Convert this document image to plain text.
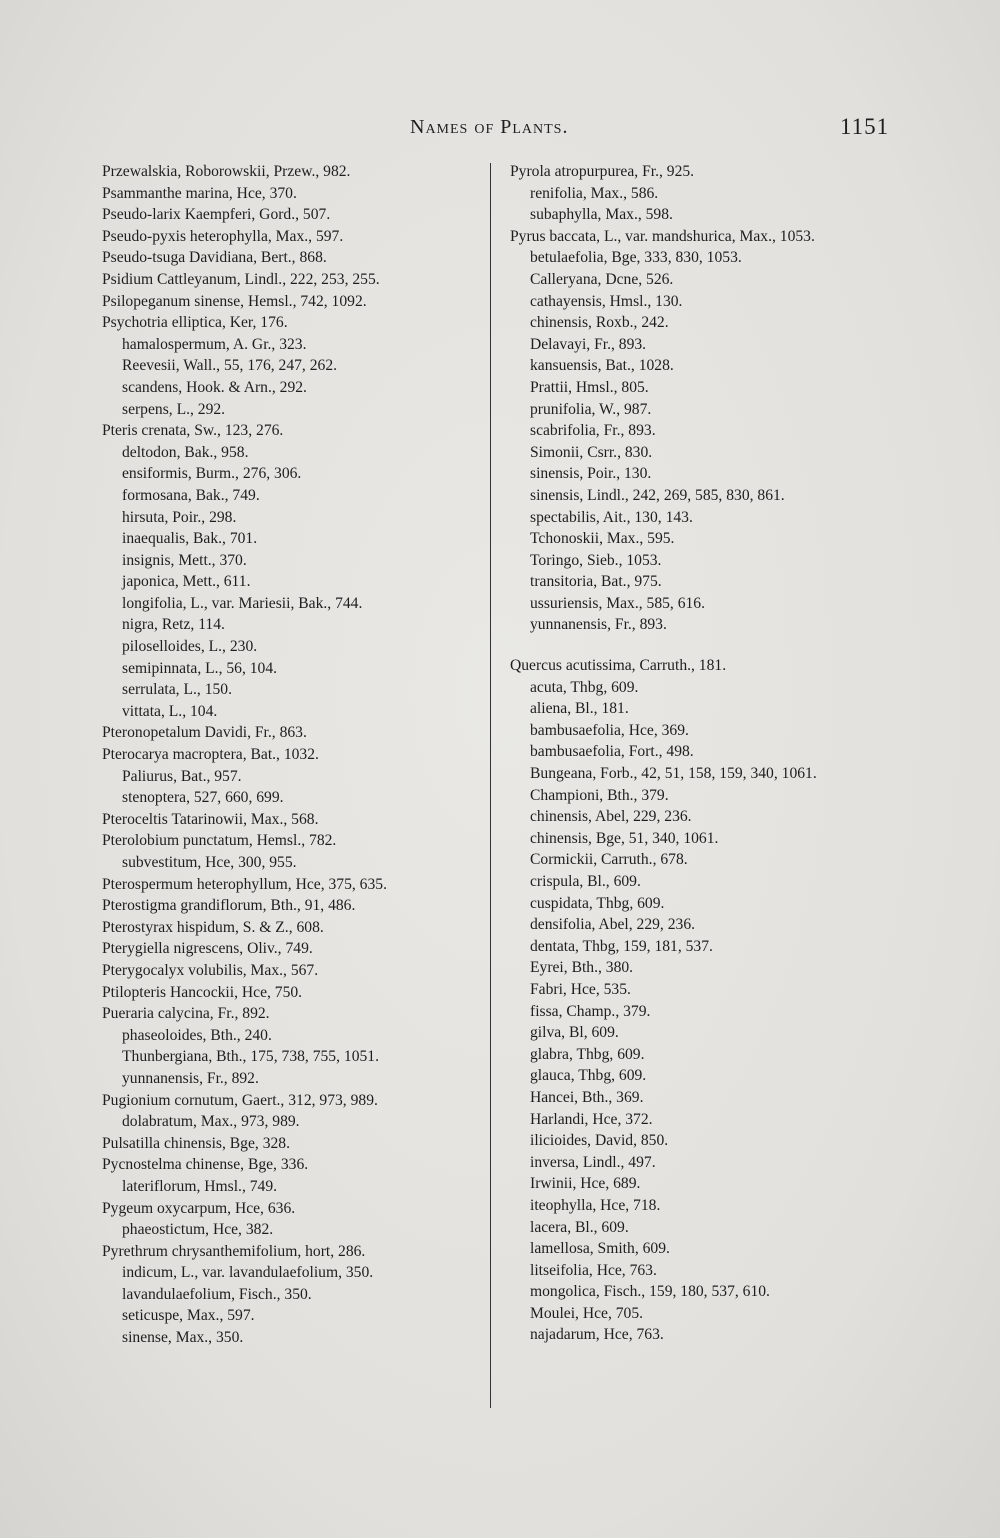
Names of Plants.	1151
Przewalskia, Roborowskii, Przew., 982.
Psammanthe marina, Hce, 370.
Pseudo-larix Kaempferi, Gord., 507.
Pseudo-pyxis heterophylla, Max., 597.
Pseudo-tsuga Davidiana, Bert., 868.
Psidium Cattleyanum, Lindl., 222, 253, 255.
Psilopeganum sinense, Hemsl., 742, 1092.
Psychotria elliptica, Ker, 176.
hamalospermum, A. Gr., 323.
Reevesii, Wall., 55, 176, 247, 262.
scandens, Hook. & Arn., 292.
serpens, L., 292.
Pteris crenata, Sw., 123, 276.
deltodon, Bak., 958.
ensiformis, Burm., 276, 306.
formosana, Bak., 749.
hirsuta, Poir., 298.
inaequalis, Bak., 701.
insignis, Mett., 370.
japonica, Mett., 611.
longifolia, L., var. Mariesii, Bak., 744.
nigra, Retz, 114.
piloselloides, L., 230.
semipinnata, L., 56, 104.
serrulata, L., 150.
vittata, L., 104.
Pteronopetalum Davidi, Fr., 863.
Pterocarya macroptera, Bat., 1032.
Paliurus, Bat., 957.
stenoptera, 527, 660, 699.
Pteroceltis Tatarinowii, Max., 568.
Pterolobium punctatum, Hemsl., 782.
subvestitum, Hce, 300, 955.
Pterospermum heterophyllum, Hce, 375, 635.
Pterostigma grandiflorum, Bth., 91, 486.
Pterostyrax hispidum, S. & Z., 608.
Pterygiella nigrescens, Oliv., 749.
Pterygocalyx volubilis, Max., 567.
Ptilopteris Hancockii, Hce, 750.
Pueraria calycina, Fr., 892.
phaseoloides, Bth., 240.
Thunbergiana, Bth., 175, 738, 755, 1051.
yunnanensis, Fr., 892.
Pugionium cornutum, Gaert., 312, 973, 989.
dolabratum, Max., 973, 989.
Pulsatilla chinensis, Bge, 328.
Pycnostelma chinense, Bge, 336.
lateriflorum, Hmsl., 749.
Pygeum oxycarpum, Hce, 636.
phaeostictum, Hce, 382.
Pyrethrum chrysanthemifolium, hort, 286.
indicum, L., var. lavandulaefolium, 350.
lavandulaefolium, Fisch., 350.
seticuspe, Max., 597.
sinense, Max., 350.
Pyrola atropurpurea, Fr., 925.
renifolia, Max., 586.
subaphylla, Max., 598.
Pyrus baccata, L., var. mandshurica, Max., 1053.
betulaefolia, Bge, 333, 830, 1053.
Calleryana, Dcne, 526.
cathayensis, Hmsl., 130.
chinensis, Roxb., 242.
Delavayi, Fr., 893.
kansuensis, Bat., 1028.
Prattii, Hmsl., 805.
prunifolia, W., 987.
scabrifolia, Fr., 893.
Simonii, Csrr., 830.
sinensis, Poir., 130.
sinensis, Lindl., 242, 269, 585, 830, 861.
spectabilis, Ait., 130, 143.
Tchonoskii, Max., 595.
Toringo, Sieb., 1053.
transitoria, Bat., 975.
ussuriensis, Max., 585, 616.
yunnanensis, Fr., 893.
Quercus acutissima, Carruth., 181.
acuta, Thbg, 609.
aliena, Bl., 181.
bambusaefolia, Hce, 369.
bambusaefolia, Fort., 498.
Bungeana, Forb., 42, 51, 158, 159, 340, 1061.
Championi, Bth., 379.
chinensis, Abel, 229, 236.
chinensis, Bge, 51, 340, 1061.
Cormickii, Carruth., 678.
crispula, Bl., 609.
cuspidata, Thbg, 609.
densifolia, Abel, 229, 236.
dentata, Thbg, 159, 181, 537.
Eyrei, Bth., 380.
Fabri, Hce, 535.
fissa, Champ., 379.
gilva, Bl, 609.
glabra, Thbg, 609.
glauca, Thbg, 609.
Hancei, Bth., 369.
Harlandi, Hce, 372.
ilicioides, David, 850.
inversa, Lindl., 497.
Irwinii, Hce, 689.
iteophylla, Hce, 718.
lacera, Bl., 609.
lamellosa, Smith, 609.
litseifolia, Hce, 763.
mongolica, Fisch., 159, 180, 537, 610.
Moulei, Hce, 705.
najadarum, Hce, 763.
